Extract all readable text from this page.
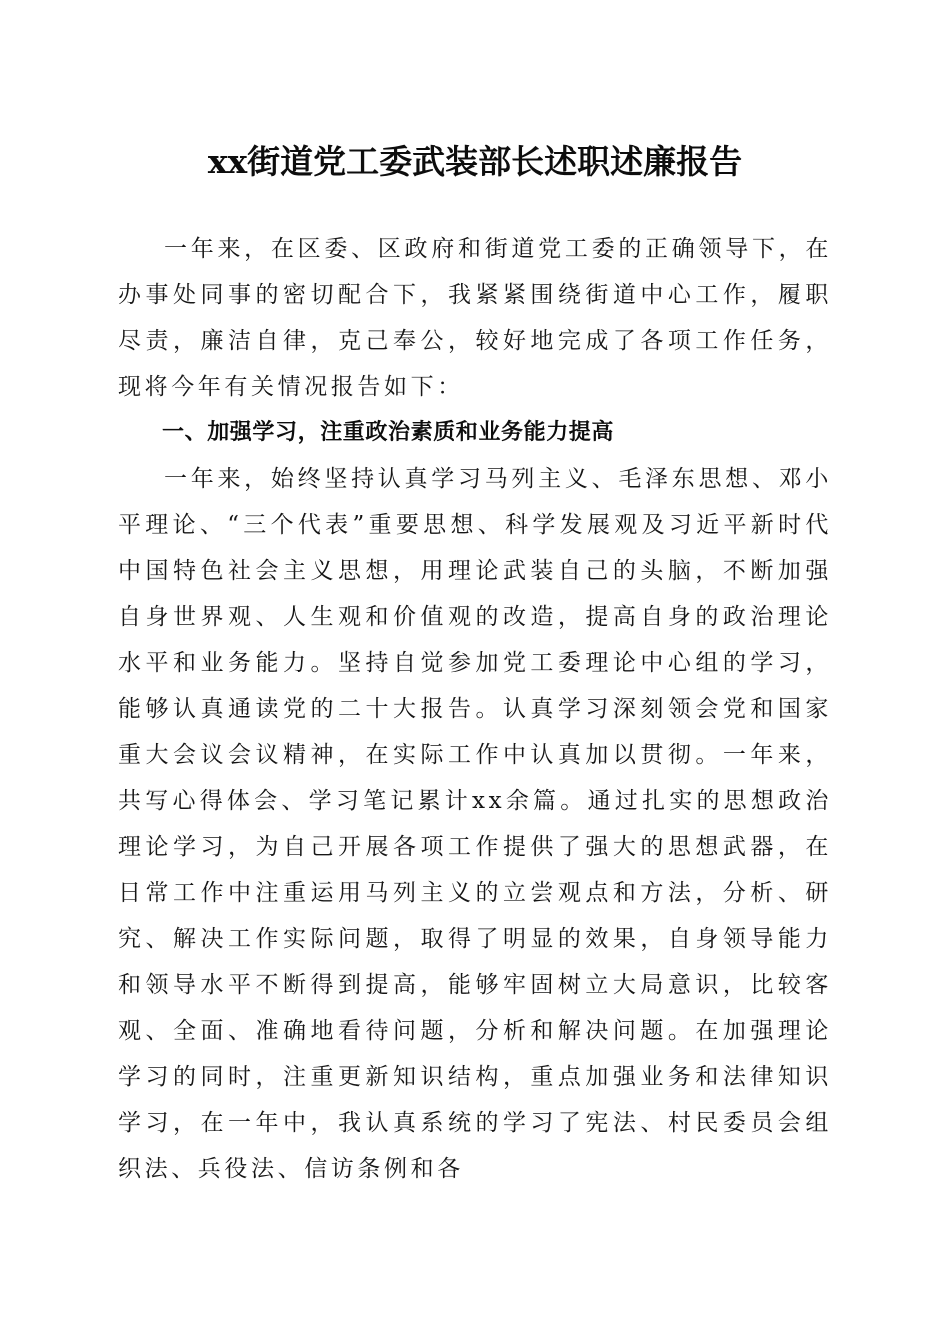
xx街道党工委武装部长述职述廉报告

一年来，在区委、区政府和街道党工委的正确领导下，在办事处同事的密切配合下，我紧紧围绕街道中心工作，履职尽责，廉洁自律，克己奉公，较好地完成了各项工作任务，现将今年有关情况报告如下：

一、加强学习，注重政治素质和业务能力提高

一年来，始终坚持认真学习马列主义、毛泽东思想、邓小平理论、“三个代表”重要思想、科学发展观及习近平新时代中国特色社会主义思想，用理论武装自己的头脑，不断加强自身世界观、人生观和价值观的改造，提高自身的政治理论水平和业务能力。坚持自觉参加党工委理论中心组的学习，能够认真通读党的二十大报告。认真学习深刻领会党和国家重大会议会议精神，在实际工作中认真加以贯彻。一年来，共写心得体会、学习笔记累计xx余篇。通过扎实的思想政治理论学习，为自己开展各项工作提供了强大的思想武器，在日常工作中注重运用马列主义的立尝观点和方法，分析、研究、解决工作实际问题，取得了明显的效果，自身领导能力和领导水平不断得到提高，能够牢固树立大局意识，比较客观、全面、准确地看待问题，分析和解决问题。在加强理论学习的同时，注重更新知识结构，重点加强业务和法律知识学习，在一年中，我认真系统的学习了宪法、村民委员会组织法、兵役法、信访条例和各
